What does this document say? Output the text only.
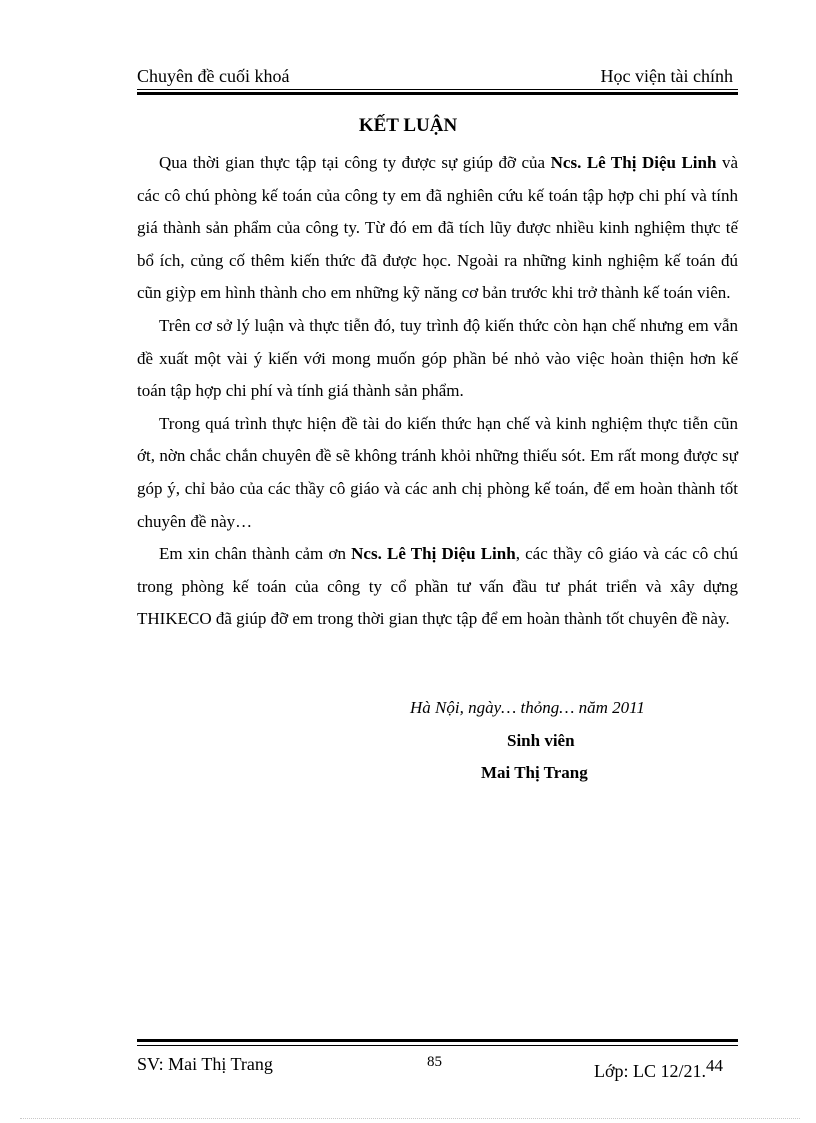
Chuyên đề cuối khoá	Học viện tài chính
KẾT LUẬN

Qua thời gian thực tập tại công ty được sự giúp đỡ của Ncs. Lê Thị Diệu Linh và các cô chú phòng kế toán của công ty em đã nghiên cứu kế toán tập hợp chi phí và tính giá thành sản phẩm của công ty. Từ đó em đã tích lũy được nhiều kinh nghiệm thực tế bổ ích, củng cố thêm kiến thức đã được học. Ngoài ra những kinh nghiệm kế toán đú cũn giỳp em hình thành cho em những kỹ năng cơ bản trước khi trở thành kế toán viên.

Trên cơ sở lý luận và thực tiễn đó, tuy trình độ kiến thức còn hạn chế nhưng em vẫn đề xuất một vài ý kiến với mong muốn góp phần bé nhỏ vào việc hoàn thiện hơn kế toán tập hợp chi phí và tính giá thành sản phẩm.

Trong quá trình thực hiện đề tài do kiến thức hạn chế và kinh nghiệm thực tiễn cũn ớt, nờn chắc chắn chuyên đề sẽ không tránh khỏi những thiếu sót. Em rất mong được sự góp ý, chỉ bảo của các thầy cô giáo và các anh chị phòng kế toán, để em hoàn thành tốt chuyên đề này…

Em xin chân thành cảm ơn Ncs. Lê Thị Diệu Linh, các thầy cô giáo và các cô chú trong phòng kế toán của công ty cổ phần tư vấn đầu tư phát triển và xây dựng THIKECO đã giúp đỡ em trong thời gian thực tập để em hoàn thành tốt chuyên đề này.

Hà Nội, ngày… thỏng… năm 2011
Sinh viên
Mai Thị Trang
SV: Mai Thị Trang	85	Lớp: LC 12/21.44
